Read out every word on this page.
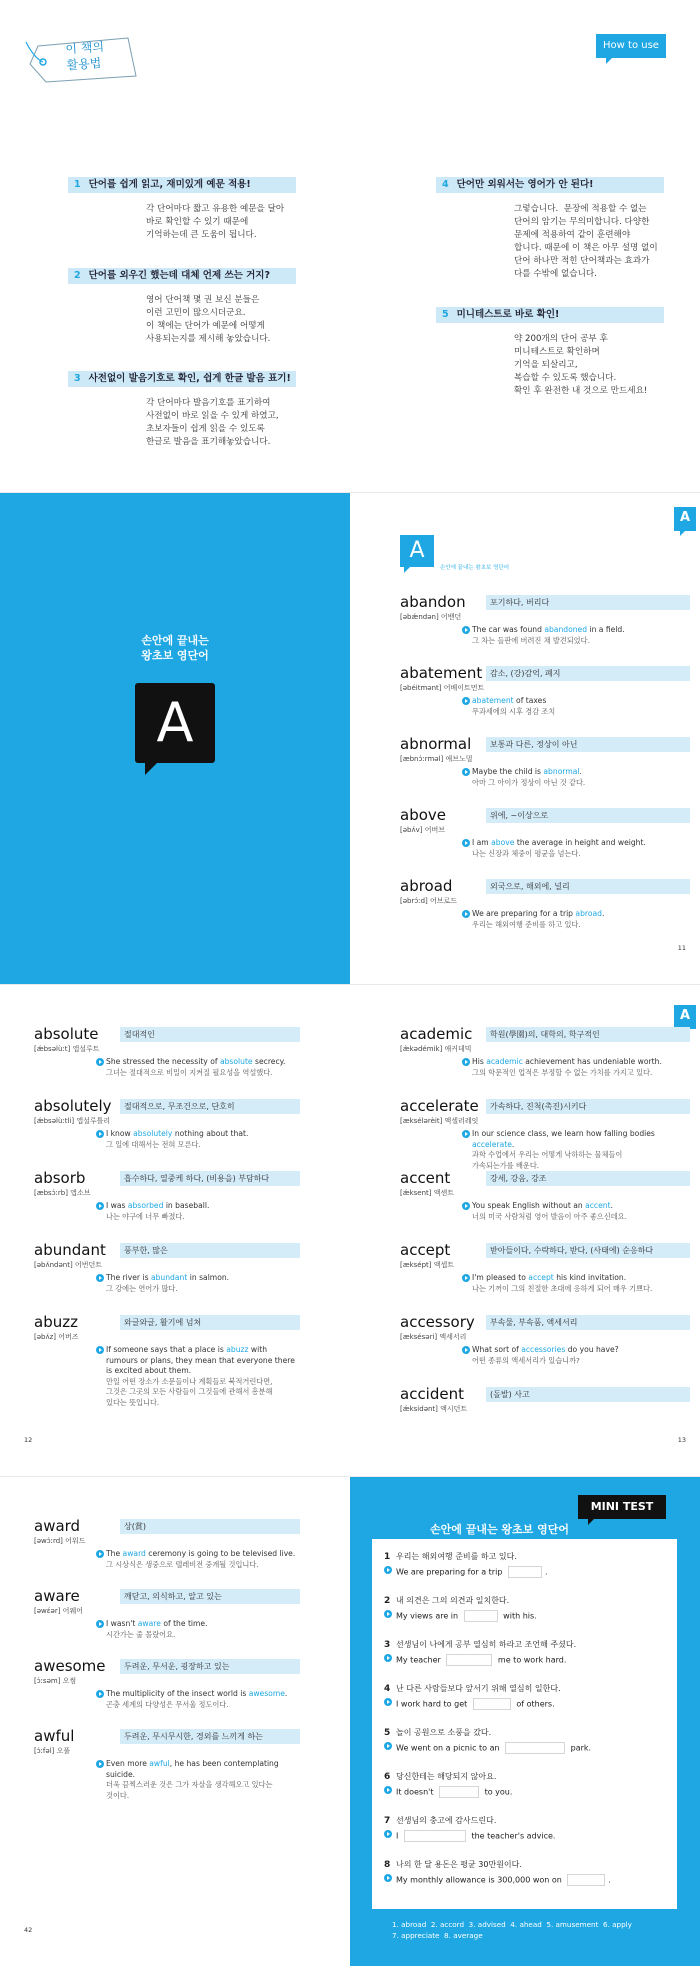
이 책의
활용법
1 단어를 쉽게 읽고, 재미있게 예문 적용!
각 단어마다 짧고 유용한 예문을 달아
바로 확인할 수 있기 때문에
기억하는데 큰 도움이 됩니다.
2 단어를 외우긴 했는데 대체 언제 쓰는 거지?
영어 단어책 몇 권 보신 분들은
이런 고민이 많으시더군요.
이 책에는 단어가 예문에 어떻게
사용되는지를 제시해 놓았습니다.
3 사전없이 발음기호로 확인, 쉽게 한글 발음 표기!
각 단어마다 발음기호를 표기하여
사전없이 바로 읽을 수 있게 하였고,
초보자들이 쉽게 읽을 수 있도록
한글로 발음을 표기해놓았습니다.
How to use
4 단어만 외워서는 영어가 안 된다!
그렇습니다.  문장에 적용할 수 없는
단어의 암기는 무의미합니다. 다양한
문제에 적용하여 같이 훈련해야
합니다. 때문에 이 책은 아무 설명 없이
단어 하나만 적힌 단어책과는 효과가
다를 수밖에 없습니다.
5 미니테스트로 바로 확인!
약 200개의 단어 공부 후
미니테스트로 확인하며
기억을 되살리고,
복습할 수 있도록 했습니다.
확인 후 완전한 내 것으로 만드세요!
손안에 끝내는
왕초보 영단어
A
A
A
손안에 끝내는 왕초보 영단어
abandon	포기하다, 버리다
[əbǽndən] 어밴던
The car was found abandoned in a field.
그 차는 들판에 버려진 채 발견되었다.
abatement 감소, (강)감억, 폐지
[əbéitmənt] 어베이트먼트
abatement of taxes
무과세에의 시후 경감 조치
abnormal 보통과 다른, 정상이 아닌
[æbnɔ́ːrməl] 애브노멀
Maybe the child is abnormal.
아마 그 아이가 정상이 아닌 것 같다.
above	위에, ~이상으로
[əbʌ́v] 어버브
I am above the average in height and weight.
나는 신장과 체중이 평균을 넘는다.
abroad	외국으로, 해외에, 널리
[əbrɔ́ːd] 어브로드
We are preparing for a trip abroad.
우리는 해외여행 준비를 하고 있다.
11
absolute	절대적인
[ǽbsəlùːt] 앱설루트
She stressed the necessity of absolute secrecy.
그녀는 절대적으로 비밀이 지켜질 필요성을 역설했다.
absolutely 절대적으로, 무조건으로, 단호히
[ǽbsəlùːtli] 앱설루틀리
I know absolutely nothing about that.
그 일에 대해서는 전혀 모른다.
absorb	흡수하다, 열중케 하다, (비용을) 부담하다
[æbsɔ́ːrb] 앱소브
I was absorbed in baseball.
나는 야구에 너무 빠졌다.
abundant 풍부한, 많은
[əbʌ́ndənt] 어번던트
The river is abundant in salmon.
그 강에는 연어가 많다.
abuzz	와글와글, 활기에 넘쳐
[əbʌ́z] 어버즈
If someone says that a place is abuzz with rumours or plans, they mean that everyone there is excited about them.
만일 어떤 장소가 소문들이나 계획들로 북적거린다면,
그것은 그곳의 모든 사람들이 그것들에 관해서 흥분해
있다는 뜻입니다.
12
A
academic 학원(學園)의, 대학의, 학구적인
[æ̀kədémik] 애커데믹
His academic achievement has undeniable worth.
그의 학문적인 업적은 부정할 수 없는 가치를 가지고 있다.
accelerate 가속하다, 진척(촉진)시키다
[æksélərèit] 액셀러레잇
In our science class, we learn how falling bodies accelerate.
과학 수업에서 우리는 어떻게 낙하하는 물체들이
가속되는가를 배운다.
accent	강세, 강음, 강조
[ǽksent] 액센트
You speak English without an accent.
너의 미국 사람처럼 영어 발음이 아주 좋으신데요.
accept	받아들이다, 수락하다, 받다, (사태에) 순응하다
[æksépt] 액셉트
I'm pleased to accept his kind invitation.
나는 기꺼이 그의 친절한 초대에 응하게 되어 매우 기쁘다.
accessory 부속물, 부속품, 액세서리
[æksésəri] 액세서리
What sort of accessories do you have?
어떤 종류의 액세서리가 있습니까?
accident	(돌발) 사고
[ǽksidənt] 액시던트
13
award	상(賞)
[əwɔ́ːrd] 어워드
The award ceremony is going to be televised live.
그 시상식은 생중으로 텔레비전 중계될 것입니다.
aware	깨닫고, 의식하고, 알고 있는
[əwέər] 어웨어
I wasn't aware of the time.
시간가는 줄 몰랐어요.
awesome 두려운, 무서운, 굉장하고 있는
[ɔ́ːsəm] 오썸
The multiplicity of the insect world is awesome.
곤충 세계의 다양성은 무서울 정도이다.
awful	두려운, 무시무시한, 경외를 느끼게 하는
[ɔ́ːfəl] 오풀
Even more awful, he has been contemplating suicide.
더욱 끔찍스러운 것은 그가 자살을 생각해오고 있다는
것이다.
42
MINI TEST
손안에 끝내는 왕초보 영단어
1 우리는 해외여행 준비를 하고 있다.
We are preparing for a trip	.
2 내 의견은 그의 의견과 일치한다.
My views are in	with his.
3 선생님이 나에게 공부 열심히 하라고 조언해 주셨다.
My teacher	me to work hard.
4 난 다른 사람들보다 앞서기 위해 열심히 일한다.
I work hard to get	of others.
5 놀이 공원으로 소풍을 갔다.
We went on a picnic to an	park.
6 당신한테는 해당되지 않아요.
It doesn't	to you.
7 선생님의 충고에 감사드린다.
I	the teacher's advice.
8 나의 한 달 용돈은 평균 30만원이다.
My monthly allowance is 300,000 won on	.
1. abroad  2. accord  3. advised  4. ahead  5. amusement  6. apply
7. appreciate  8. average
